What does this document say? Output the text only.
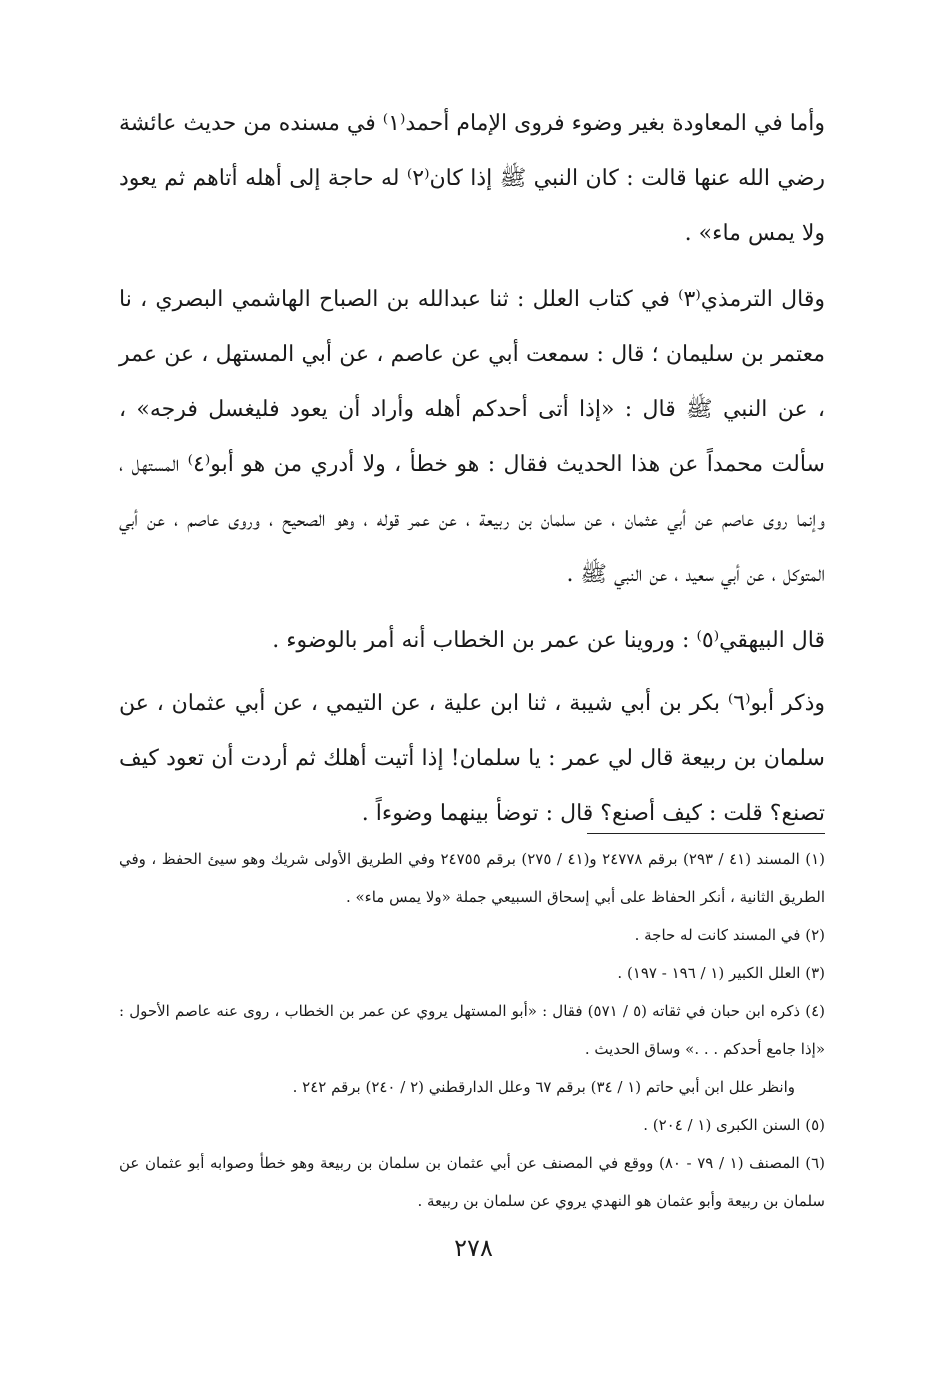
وأما في المعاودة بغير وضوء فروى الإمام أحمد⁽١⁾ في مسنده من حديث عائشة رضي الله عنها قالت : كان النبي ﷺ إذا كان⁽٢⁾ له حاجة إلى أهله أتاهم ثم يعود ولا يمس ماء» .

وقال الترمذي⁽٣⁾ في كتاب العلل : ثنا عبدالله بن الصباح الهاشمي البصري ، نا معتمر بن سليمان ؛ قال : سمعت أبي عن عاصم ، عن أبي المستهل ، عن عمر ، عن النبي ﷺ قال : «إذا أتى أحدكم أهله وأراد أن يعود فليغسل فرجه» ، سألت محمداً عن هذا الحديث فقال : هو خطأ ، ولا أدري من هو أبو⁽٤⁾ المستهل ، وإنما روى عاصم عن أبي عثمان ، عن سلمان بن ربيعة ، عن عمر قوله ، وهو الصحيح ، وروى عاصم ، عن أبي المتوكل ، عن أبي سعيد ، عن النبي ﷺ .

قال البيهقي⁽٥⁾ : وروينا عن عمر بن الخطاب أنه أمر بالوضوء .

وذكر أبو⁽٦⁾ بكر بن أبي شيبة ، ثنا ابن علية ، عن التيمي ، عن أبي عثمان ، عن سلمان بن ربيعة قال لي عمر : يا سلمان! إذا أتيت أهلك ثم أردت أن تعود كيف تصنع؟ قلت : كيف أصنع؟ قال : توضأ بينهما وضوءاً .

(١) المسند (٤١ / ٢٩٣) برقم ٢٤٧٧٨ و(٤١ / ٢٧٥) برقم ٢٤٧٥٥ وفي الطريق الأولى شريك وهو سيئ الحفظ ، وفي الطريق الثانية ، أنكر الحفاظ على أبي إسحاق السبيعي جملة «ولا يمس ماء» .

(٢) في المسند كانت له حاجة .

(٣) العلل الكبير (١ / ١٩٦ - ١٩٧) .

(٤) ذكره ابن حبان في ثقاته (٥ / ٥٧١) فقال : «أبو المستهل يروي عن عمر بن الخطاب ، روى عنه عاصم الأحول : «إذا جامع أحدكم . . .» وساق الحديث .

وانظر علل ابن أبي حاتم (١ / ٣٤) برقم ٦٧ وعلل الدارقطني (٢ / ٢٤٠) برقم ٢٤٢ .

(٥) السنن الكبرى (١ / ٢٠٤) .

(٦) المصنف (١ / ٧٩ - ٨٠) ووقع في المصنف عن أبي عثمان بن سلمان بن ربيعة وهو خطأ وصوابه أبو عثمان عن سلمان بن ربيعة وأبو عثمان هو النهدي يروي عن سلمان بن ربيعة .

٢٧٨
